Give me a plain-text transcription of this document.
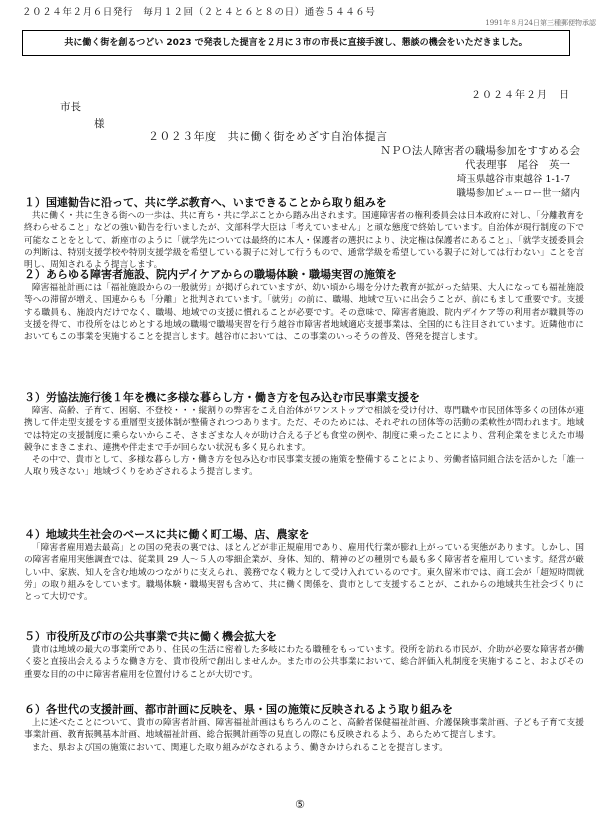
２０２４年２月６日発行　毎月１２回（２と４と６と８の日）通巻５４４６号
1991年８月24日第三種郵便物承認
共に働く街を創るつどい 2023 で発表した提言を２月に３市の市長に直接手渡し、懇談の機会をいただきました。
２０２４年２月　日
市長
様
２０２３年度　共に働く街をめざす自治体提言
ＮＰＯ法人障害者の職場参加をすすめる会
代表理事　尾谷　英一
埼玉県越谷市東越谷 1-1-7
職場参加ビューロー世一緒内
１）国連勧告に沿って、共に学ぶ教育へ、いまできることから取り組みを

共に働く・共に生きる街への一歩は、共に育ち・共に学ぶことから踏み出されます。国連障害者の権利委員会は日本政府に対し、「分離教育を終わらせること」などの強い勧告を行いましたが、文部科学大臣は「考えていません」と頑な態度で終始しています。自治体が現行制度の下で可能なことをとして、新座市のように「就学先については最終的に本人・保護者の選択により、決定権は保護者にあること」、「就学支援委員会の判断は、特別支援学校や特別支援学級を希望している親子に対して行うもので、通常学級を希望している親子に対しては行わない」ことを言明し、周知されるよう提言します。

２）あらゆる障害者施設、院内デイケアからの職場体験・職場実習の施策を

障害福祉計画には「福祉施設からの一般就労」が掲げられていますが、幼い頃から場を分けた教育が拡がった結果、大人になっても福祉施設等への滞留が増え、国連からも「分離」と批判されています。「就労」の前に、職場、地域で互いに出会うことが、前にもまして重要です。支援する職員も、施設内だけでなく、職場、地域での支援に慣れることが必要です。その意味で、障害者施設、院内デイケア等の利用者が職員等の支援を得て、市役所をはじめとする地域の職場で職場実習を行う越谷市障害者地域適応支援事業は、全国的にも注目されています。近隣他市においてもこの事業を実施することを提言します。越谷市においては、この事業のいっそうの普及、啓発を提言します。

３）労協法施行後１年を機に多様な暮らし方・働き方を包み込む市民事業支援を

障害、高齢、子育て、困窮、不登校・・・縦割りの弊害をこえ自治体がワンストップで相談を受け付け、専門職や市民団体等多くの団体が連携して伴走型支援をする重層型支援体制が整備されつつあります。ただ、そのためには、それぞれの団体等の活動の柔軟性が問われます。地域では特定の支援制度に乗らないからこそ、さまざまな人々が助け合える子ども食堂の例や、制度に乗ったことにより、営利企業をまじえた市場競争にまきこまれ、連携や伴走まで手が回らない状況も多く見られます。

その中で、貴市として、多様な暮らし方・働き方を包み込む市民事業支援の施策を整備することにより、労働者協同組合法を活かした「誰一人取り残さない」地域づくりをめざされるよう提言します。

４）地域共生社会のベースに共に働く町工場、店、農家を

「障害者雇用過去最高」との国の発表の裏では、ほとんどが非正規雇用であり、雇用代行業が膨れ上がっている実態があります。しかし、国の障害者雇用実態調査では、従業員 29 人～５人の零細企業が、身体、知的、精神のどの種別でも最も多く障害者を雇用しています。経営が厳しい中、家族、知人を含む地域のつながりに支えられ、義務でなく戦力として受け入れているのです。東久留米市では、商工会が「超短時間就労」の取り組みをしています。職場体験・職場実習も含めて、共に働く関係を、貴市として支援することが、これからの地域共生社会づくりにとって大切です。

５）市役所及び市の公共事業で共に働く機会拡大を

貴市は地域の最大の事業所であり、住民の生活に密着した多岐にわたる職種をもっています。役所を訪れる市民が、介助が必要な障害者が働く姿と直接出会えるような働き方を、貴市役所で創出しませんか。また市の公共事業において、総合評価入札制度を実施すること、およびその重要な目的の中に障害者雇用を位置付けることが大切です。

６）各世代の支援計画、都市計画に反映を、県・国の施策に反映されるよう取り組みを

上に述べたことについて、貴市の障害者計画、障害福祉計画はもちろんのこと、高齢者保健福祉計画、介護保険事業計画、子ども子育て支援事業計画、教育振興基本計画、地域福祉計画、総合振興計画等の見直しの際にも反映されるよう、あらためて提言します。

また、県および国の施策において、関連した取り組みがなされるよう、働きかけられることを提言します。

⑤
